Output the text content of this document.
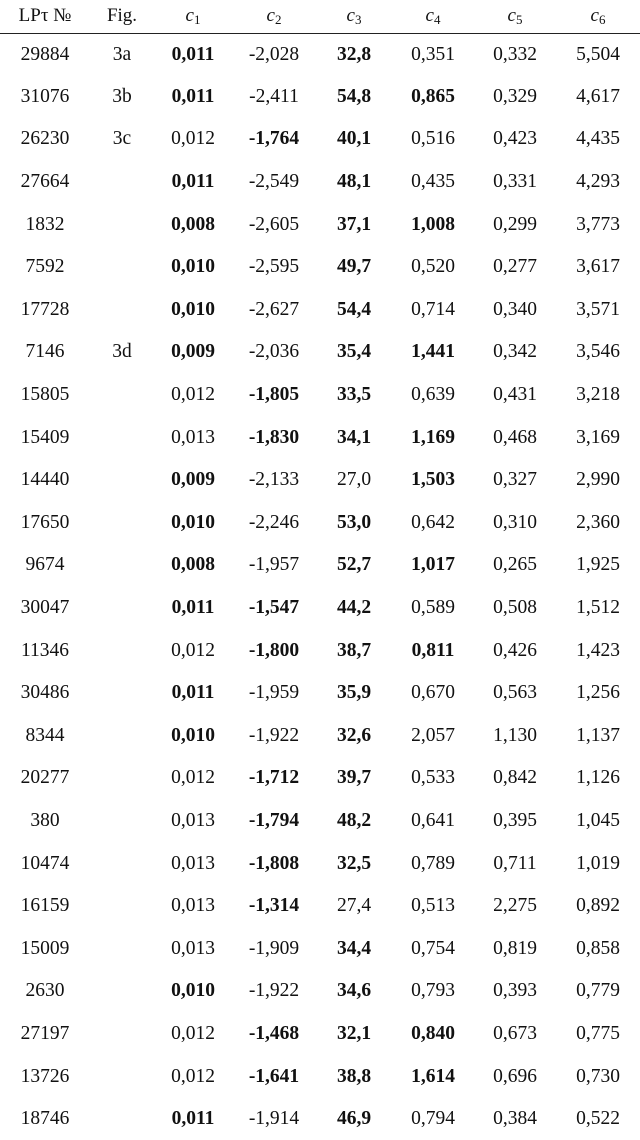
LPτ №	Fig.	$c_1$	$c_2$	$c_3$	$c_4$	$c_5$	$c_6$
29884	3a	0,011	-2,028	32,8	0,351	0,332	5,504
31076	3b	0,011	-2,411	54,8	0,865	0,329	4,617
26230	3c	0,012	-1,764	40,1	0,516	0,423	4,435
27664		0,011	-2,549	48,1	0,435	0,331	4,293
1832		0,008	-2,605	37,1	1,008	0,299	3,773
7592		0,010	-2,595	49,7	0,520	0,277	3,617
17728		0,010	-2,627	54,4	0,714	0,340	3,571
7146	3d	0,009	-2,036	35,4	1,441	0,342	3,546
15805		0,012	-1,805	33,5	0,639	0,431	3,218
15409		0,013	-1,830	34,1	1,169	0,468	3,169
14440		0,009	-2,133	27,0	1,503	0,327	2,990
17650		0,010	-2,246	53,0	0,642	0,310	2,360
9674		0,008	-1,957	52,7	1,017	0,265	1,925
30047		0,011	-1,547	44,2	0,589	0,508	1,512
11346		0,012	-1,800	38,7	0,811	0,426	1,423
30486		0,011	-1,959	35,9	0,670	0,563	1,256
8344		0,010	-1,922	32,6	2,057	1,130	1,137
20277		0,012	-1,712	39,7	0,533	0,842	1,126
380		0,013	-1,794	48,2	0,641	0,395	1,045
10474		0,013	-1,808	32,5	0,789	0,711	1,019
16159		0,013	-1,314	27,4	0,513	2,275	0,892
15009		0,013	-1,909	34,4	0,754	0,819	0,858
2630		0,010	-1,922	34,6	0,793	0,393	0,779
27197		0,012	-1,468	32,1	0,840	0,673	0,775
13726		0,012	-1,641	38,8	1,614	0,696	0,730
18746		0,011	-1,914	46,9	0,794	0,384	0,522
